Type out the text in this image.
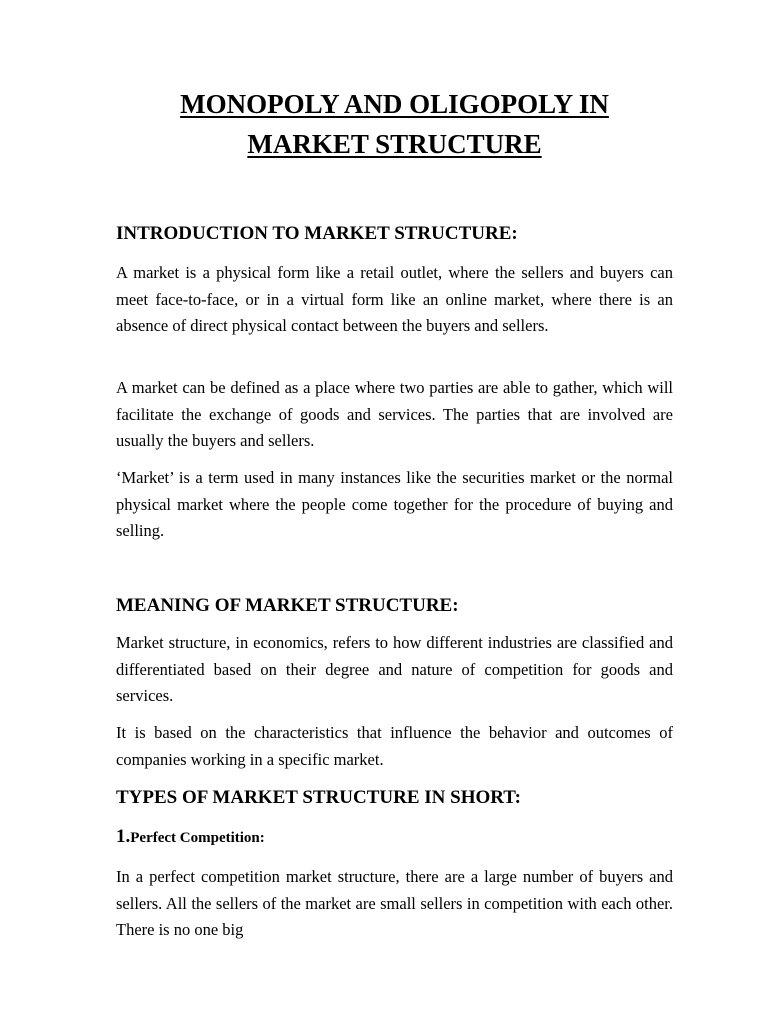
MONOPOLY AND OLIGOPOLY IN
MARKET STRUCTURE
INTRODUCTION TO MARKET STRUCTURE:

A market is a physical form like a retail outlet, where the sellers and buyers can meet face-to-face, or in a virtual form like an online market, where there is an absence of direct physical contact between the buyers and sellers.

A market can be defined as a place where two parties are able to gather, which will facilitate the exchange of goods and services. The parties that are involved are usually the buyers and sellers.

‘Market’ is a term used in many instances like the securities market or the normal physical market where the people come together for the procedure of buying and selling.

MEANING OF MARKET STRUCTURE:

Market structure, in economics, refers to how different industries are classified and differentiated based on their degree and nature of competition for goods and services.

It is based on the characteristics that influence the behavior and outcomes of companies working in a specific market.

TYPES OF MARKET STRUCTURE IN SHORT:
1.Perfect Competition:

In a perfect competition market structure, there are a large number of buyers and sellers. All the sellers of the market are small sellers in competition with each other. There is no one big
